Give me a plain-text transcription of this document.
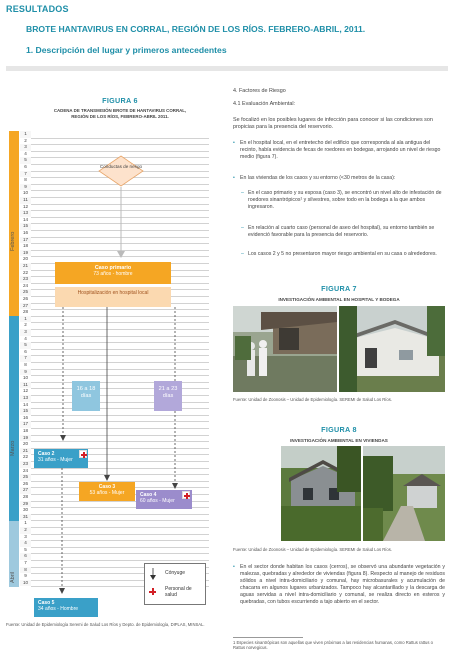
RESULTADOS
BROTE HANTAVIRUS EN CORRAL, REGIÓN DE LOS RÍOS. FEBRERO-ABRIL, 2011.
1. Descripción del lugar y primeros antecedentes
FIGURA 6
CADENA DE TRANSMISIÓN BROTE DE HANTAVIRUS CORRAL,
REGIÓN DE LOS RÍOS, FEBRERO-ABRIL 2011.
Febrero
Marzo
Abril
1
2
3
4
5
6
7
8
9
10
11
12
13
14
15
16
17
18
19
20
21
22
23
24
25
26
27
28
1
2
3
4
5
6
7
8
9
10
11
12
13
14
15
16
17
18
19
20
21
22
23
24
25
26
27
28
29
30
31
1
2
3
4
5
6
7
8
9
10
Conductas de riesgo
Caso primario
73 años - hombre
Hospitalización en hospital local
16 a 18 días
21 a 23 días
Caso 2
31 años - Mujer
Caso 3
53 años - Mujer	Caso 4
60 años - Mujer
Caso 5
34 años - Hombre
Cónyuge
Personal de salud
Fuente: Unidad de Epidemiología Seremi de Salud Los Ríos y Depto. de Epidemiología, DIPLAS, MINSAL.
4. Factores de Riesgo
4.1 Evaluación Ambiental:
Se focalizó en los posibles lugares de infección para conocer si las condiciones son propicias para la presencia del reservorio.
• En el hospital local, en el entretecho del edificio que corresponda al ala antigua del recinto, había evidencia de fecas de roedores en bodegas, arrojando un nivel de riesgo medio (figura 7).
• En las viviendas de los casos y su entorno (<30 metros de la casa):
– En el caso primario y su esposa (caso 3), se encontró un nivel alto de infestación de roedores sinantrópicos¹ y silvestres, sobre todo en la bodega a la que ambos ingresaron.
– En relación al cuarto caso (personal de aseo del hospital), su entorno también se evidenció favorable para la presencia del reservorio.
– Los casos 2 y 5 no presentaron mayor riesgo ambiental en su casa o alrededores.
FIGURA 7
INVESTIGACIÓN AMBIENTAL EN HOSPITAL Y BODEGA
Fuente: Unidad de Zoonosis – Unidad de Epidemiología. SEREMI de Salud Los Ríos.
FIGURA 8
INVESTIGACIÓN AMBIENTAL EN VIVIENDAS
Fuente: Unidad de Zoonosis – Unidad de Epidemiología. SEREMI de Salud Los Ríos.
• En el sector donde habitan los casos (cerros), se observó una abundante vegetación y malezas, quebradas y alrededor de viviendas (figura 8). Respecto al manejo de residuos sólidos a nivel intra-domiciliario y comunal, hay microbasurales y acumulación de chacarra en algunos lugares urbanizados. Tampoco hay alcantarillado y la descarga de aguas servidas a nivel intra-domiciliario y comunal, se realiza directo en esteros y quebradas, con tubos escurriendo a tajo abierto en el sector.
1 Especies sinantrópicas son aquellas que viven próximas a las residencias humanas, como Rattus rattus o Rattus norvegicus.
